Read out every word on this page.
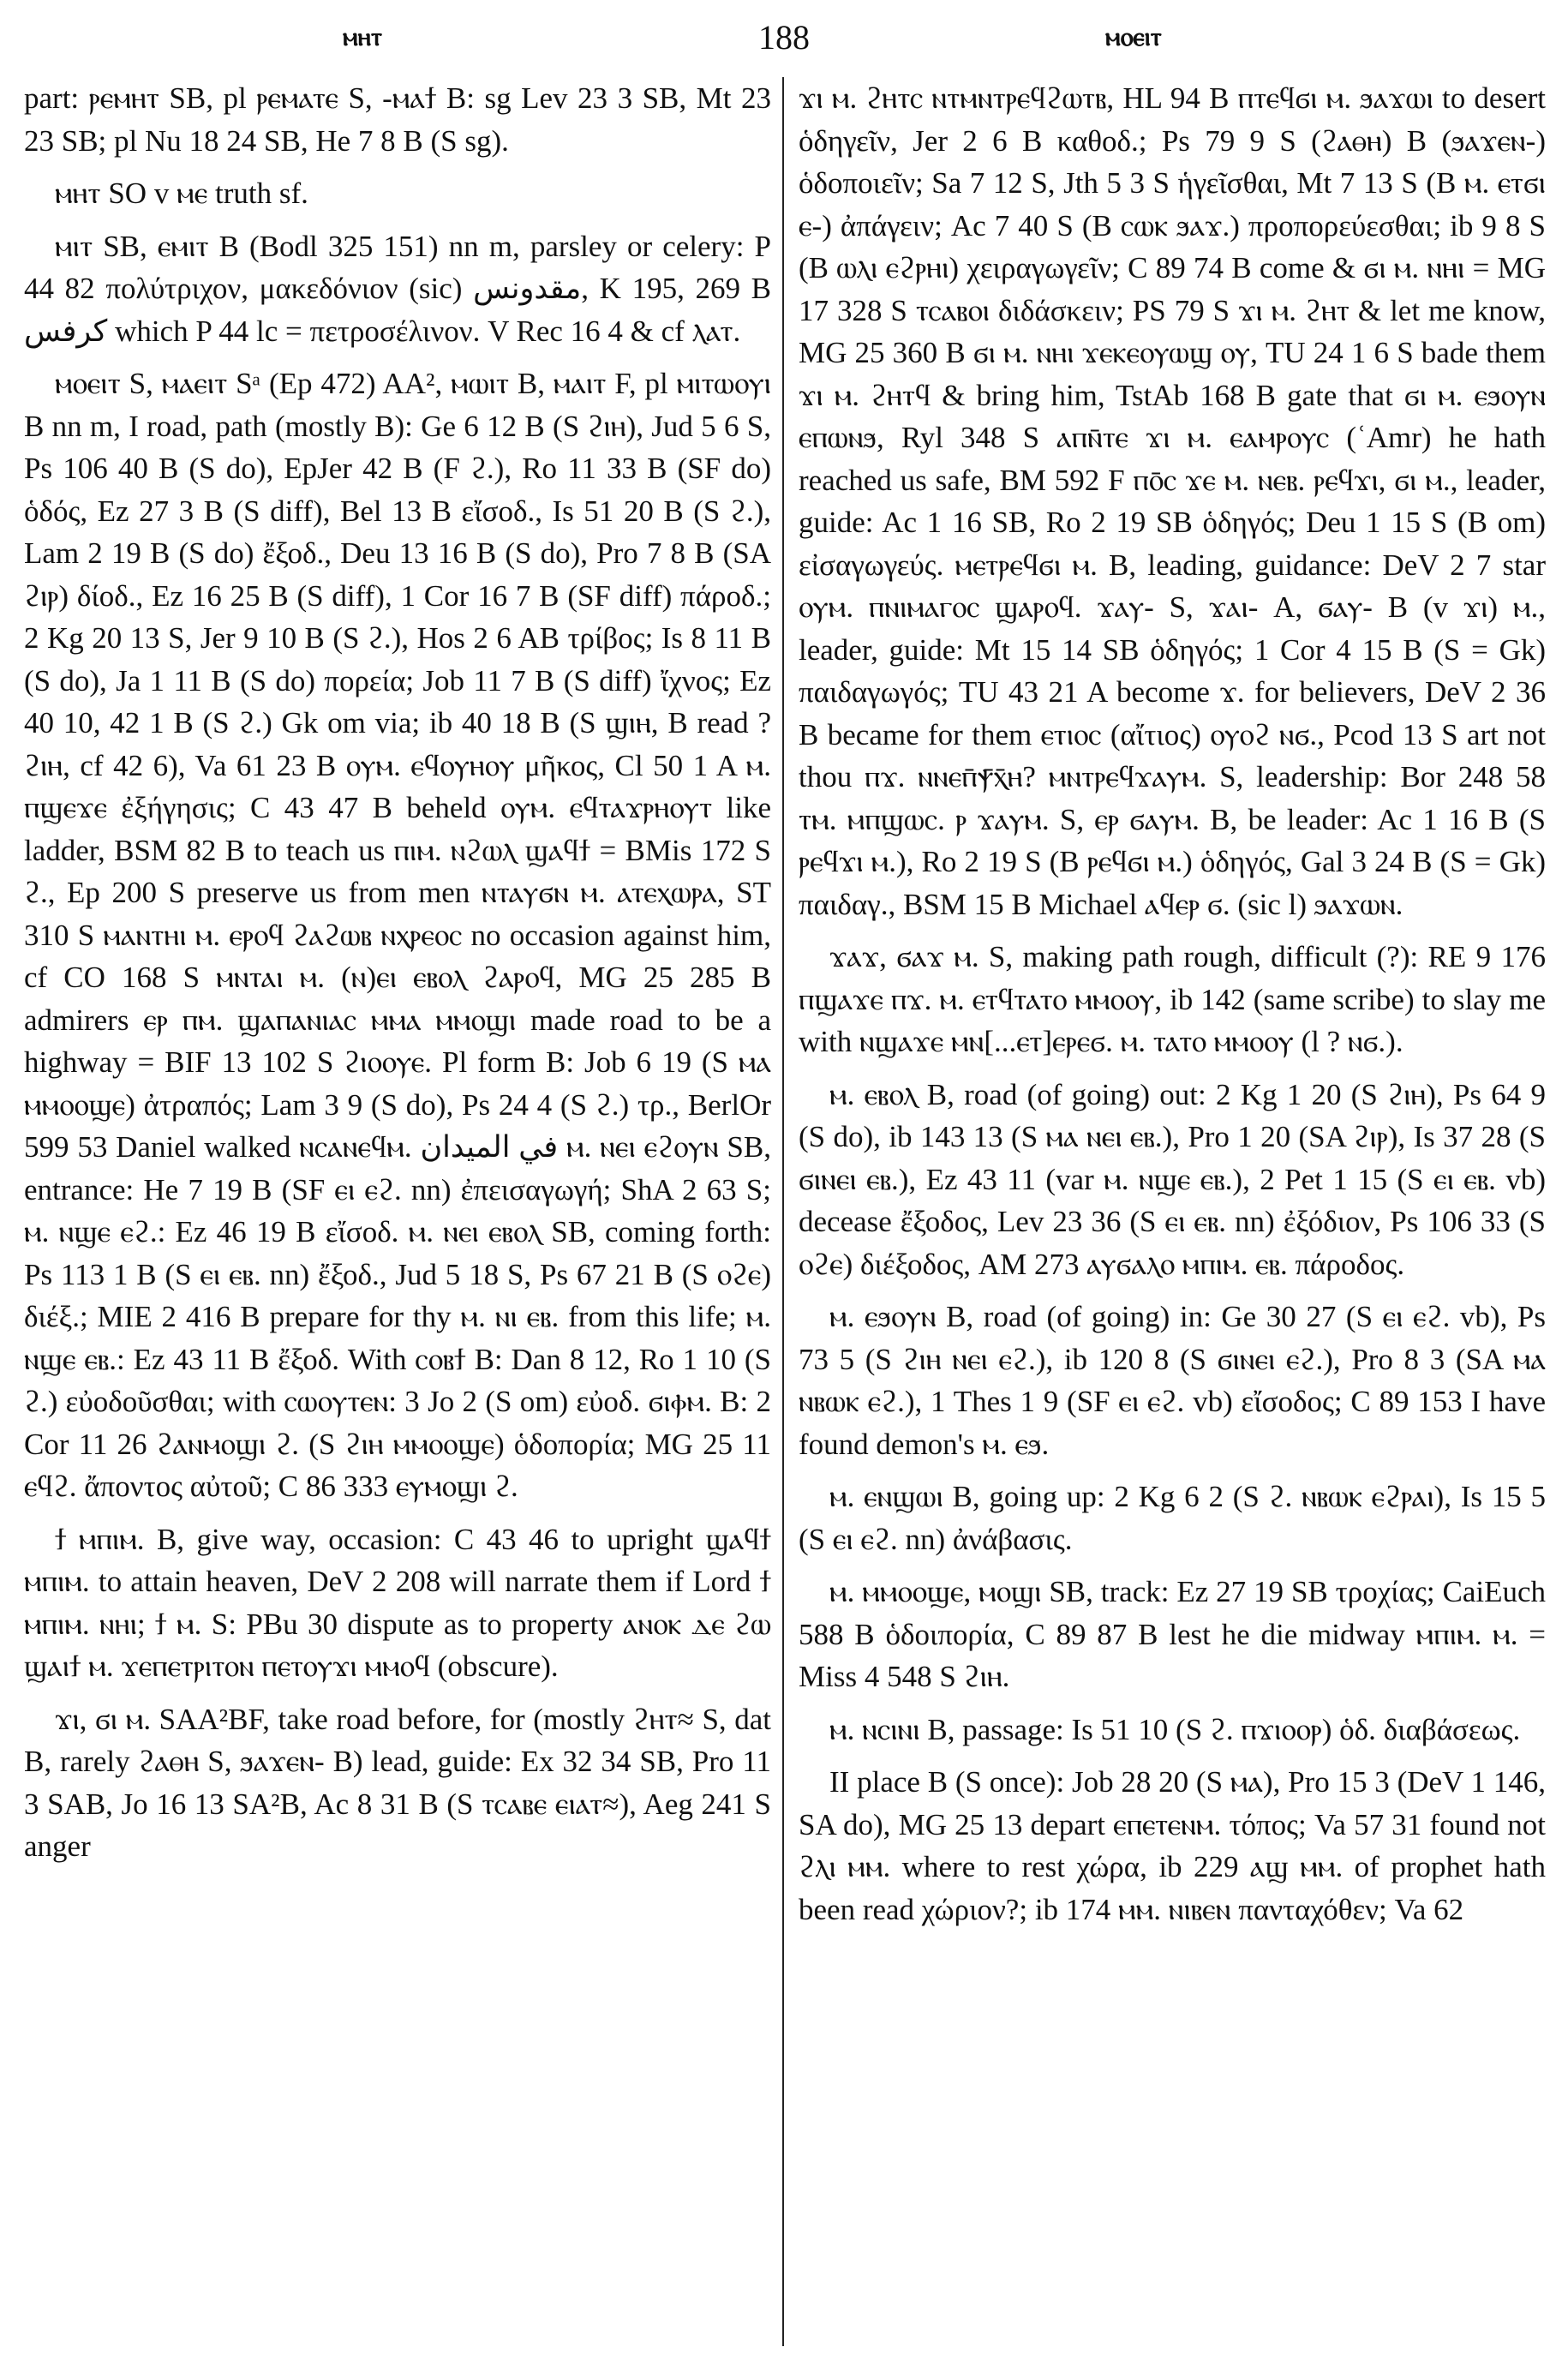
ⲙⲏⲧ	188	ⲙⲟⲉⲓⲧ

part: ⲣⲉⲙⲏⲧ SB, pl ⲣⲉⲙⲁⲧⲉ S, -ⲙⲁϯ B: sg Lev 23 3 SB, Mt 23 23 SB; pl Nu 18 24 SB, He 7 8 B (S sg).

ⲙⲏⲧ SO v ⲙⲉ truth sf.

ⲙⲓⲧ SB, ⲉⲙⲓⲧ B (Bodl 325 151) nn m, parsley or celery: P 44 82 πολύτριχον, μακεδόνιον (sic) مقدونس, K 195, 269 B كرفس which P 44 lc = πετροσέλινον. V Rec 16 4 & cf ⲗⲁⲧ.

ⲙⲟⲉⲓⲧ S, ⲙⲁⲉⲓⲧ Sᵃ (Ep 472) AA², ⲙⲱⲓⲧ B, ⲙⲁⲓⲧ F, pl ⲙⲓⲧⲱⲟⲩⲓ B nn m, I road, path (mostly B): Ge 6 12 B (S ϩⲓⲏ), Jud 5 6 S, Ps 106 40 B (S do), EpJer 42 B (F ϩ.), Ro 11 33 B (SF do) ὁδός, Ez 27 3 B (S diff), Bel 13 B εἴσοδ., Is 51 20 B (S ϩ.), Lam 2 19 B (S do) ἔξοδ., Deu 13 16 B (S do), Pro 7 8 B (SA ϩⲓⲣ) δίοδ., Ez 16 25 B (S diff), 1 Cor 16 7 B (SF diff) πάροδ.; 2 Kg 20 13 S, Jer 9 10 B (S ϩ.), Hos 2 6 AB τρίβος; Is 8 11 B (S do), Ja 1 11 B (S do) πορεία; Job 11 7 B (S diff) ἴχνος; Ez 40 10, 42 1 B (S ϩ.) Gk om via; ib 40 18 B (S ϣⲓⲏ, B read ? ϩⲓⲏ, cf 42 6), Va 61 23 B ⲟⲩⲙ. ⲉϥⲟⲩⲏⲟⲩ μῆκος, Cl 50 1 A ⲙ. ⲡϣⲉϫⲉ ἐξήγησις; C 43 47 B beheld ⲟⲩⲙ. ⲉϥⲧⲁϫⲣⲏⲟⲩⲧ like ladder, BSM 82 B to teach us ⲡⲓⲙ. ⲛϩⲱⲗ ϣⲁϥϯ = BMis 172 S ϩ., Ep 200 S preserve us from men ⲛⲧⲁⲩϭⲛ ⲙ. ⲁⲧⲉⲭⲱⲣⲁ, ST 310 S ⲙⲁⲛⲧⲏⲓ ⲙ. ⲉⲣⲟϥ ϩⲁϩⲱⲃ ⲛⲭⲣⲉⲟⲥ no occasion against him, cf CO 168 S ⲙⲛⲧⲁⲓ ⲙ. (ⲛ)ⲉⲓ ⲉⲃⲟⲗ ϩⲁⲣⲟϥ, MG 25 285 B admirers ⲉⲣ ⲡⲙ. ϣⲁⲡⲁⲛⲓⲁⲥ ⲙⲙⲁ ⲙⲙⲟϣⲓ made road to be a highway = BIF 13 102 S ϩⲓⲟⲟⲩⲉ. Pl form B: Job 6 19 (S ⲙⲁ ⲙⲙⲟⲟϣⲉ) ἀτραπός; Lam 3 9 (S do), Ps 24 4 (S ϩ.) τρ., BerlOr 599 53 Daniel walked ⲛⲥⲁⲛⲉϥⲙ. في الميدان ⲙ. ⲛⲉⲓ ⲉϩⲟⲩⲛ SB, entrance: He 7 19 B (SF ⲉⲓ ⲉϩ. nn) ἐπεισαγωγή; ShA 2 63 S; ⲙ. ⲛϣⲉ ⲉϩ.: Ez 46 19 B εἴσοδ. ⲙ. ⲛⲉⲓ ⲉⲃⲟⲗ SB, coming forth: Ps 113 1 B (S ⲉⲓ ⲉⲃ. nn) ἔξοδ., Jud 5 18 S, Ps 67 21 B (S ⲟϩⲉ) διέξ.; MIE 2 416 B prepare for thy ⲙ. ⲛⲓ ⲉⲃ. from this life; ⲙ. ⲛϣⲉ ⲉⲃ.: Ez 43 11 B ἔξοδ. With ⲥⲟⲃϯ B: Dan 8 12, Ro 1 10 (S ϩ.) εὐοδοῦσθαι; with ⲥⲱⲟⲩⲧⲉⲛ: 3 Jo 2 (S om) εὐοδ. ϭⲓⲫⲙ. B: 2 Cor 11 26 ϩⲁⲛⲙⲟϣⲓ ϩ. (S ϩⲓⲏ ⲙⲙⲟⲟϣⲉ) ὁδοπορία; MG 25 11 ⲉϥϩ. ἄποντος αὐτοῦ; C 86 333 ⲉⲩⲙⲟϣⲓ ϩ.

ϯ ⲙⲡⲓⲙ. B, give way, occasion: C 43 46 to upright ϣⲁϥϯ ⲙⲡⲓⲙ. to attain heaven, DeV 2 208 will narrate them if Lord ϯ ⲙⲡⲓⲙ. ⲛⲏⲓ; ϯ ⲙ. S: PBu 30 dispute as to property ⲁⲛⲟⲕ ⲇⲉ ϩⲱ ϣⲁⲓϯ ⲙ. ϫⲉⲡⲉⲧⲣⲓⲧⲟⲛ ⲡⲉⲧⲟⲩϫⲓ ⲙⲙⲟϥ (obscure).

ϫⲓ, ϭⲓ ⲙ. SAA²BF, take road before, for (mostly ϩⲏⲧ≈ S, dat B, rarely ϩⲁⲑⲏ S, ϧⲁϫⲉⲛ- B) lead, guide: Ex 32 34 SB, Pro 11 3 SAB, Jo 16 13 SA²B, Ac 8 31 B (S ⲧⲥⲁⲃⲉ ⲉⲓⲁⲧ≈), Aeg 241 S anger

ϫⲓ ⲙ. ϩⲏⲧⲥ ⲛⲧⲙⲛⲧⲣⲉϥϩⲱⲧⲃ, HL 94 B ⲡⲧⲉϥϭⲓ ⲙ. ϧⲁϫⲱⲓ to desert ὁδηγεῖν, Jer 2 6 B καθοδ.; Ps 79 9 S (ϩⲁⲑⲏ) B (ϧⲁϫⲉⲛ-) ὁδοποιεῖν; Sa 7 12 S, Jth 5 3 S ἡγεῖσθαι, Mt 7 13 S (B ⲙ. ⲉⲧϭⲓ ⲉ-) ἀπάγειν; Ac 7 40 S (B ⲥⲱⲕ ϧⲁϫ.) προπορεύεσθαι; ib 9 8 S (B ⲱⲗⲓ ⲉϩⲣⲏⲓ) χειραγωγεῖν; C 89 74 B come & ϭⲓ ⲙ. ⲛⲏⲓ = MG 17 328 S ⲧⲥⲁⲃⲟⲓ διδάσκειν; PS 79 S ϫⲓ ⲙ. ϩⲏⲧ & let me know, MG 25 360 B ϭⲓ ⲙ. ⲛⲏⲓ ϫⲉⲕⲉⲟⲩⲱϣ ⲟⲩ, TU 24 1 6 S bade them ϫⲓ ⲙ. ϩⲏⲧϥ & bring him, TstAb 168 B gate that ϭⲓ ⲙ. ⲉϧⲟⲩⲛ ⲉⲡⲱⲛϧ, Ryl 348 S ⲁⲡⲛ̄ⲧⲉ ϫⲓ ⲙ. ⲉⲁⲙⲣⲟⲩⲥ (ʿAmr) he hath reached us safe, BM 592 F ⲡⲟ̄ⲥ ϫⲉ ⲙ. ⲛⲉⲃ. ⲣⲉϥϫⲓ, ϭⲓ ⲙ., leader, guide: Ac 1 16 SB, Ro 2 19 SB ὁδηγός; Deu 1 15 S (B om) εἰσαγωγεύς. ⲙⲉⲧⲣⲉϥϭⲓ ⲙ. B, leading, guidance: DeV 2 7 star ⲟⲩⲙ. ⲡⲛⲓⲙⲁⲅⲟⲥ ϣⲁⲣⲟϥ. ϫⲁⲩ- S, ϫⲁⲓ- A, ϭⲁⲩ- B (v ϫⲓ) ⲙ., leader, guide: Mt 15 14 SB ὁδηγός; 1 Cor 4 15 B (S = Gk) παιδαγωγός; TU 43 21 A become ϫ. for believers, DeV 2 36 B became for them ⲉⲧⲓⲟⲥ (αἴτιος) ⲟⲩⲟϩ ⲛϭ., Pcod 13 S art not thou ⲡϫ. ⲛⲛⲉⲡ̄ⲯ̄ⲭ̄ⲏ? ⲙⲛⲧⲣⲉϥϫⲁⲩⲙ. S, leadership: Bor 248 58 ⲧⲙ. ⲙⲡϣⲱⲥ. ⲣ ϫⲁⲩⲙ. S, ⲉⲣ ϭⲁⲩⲙ. B, be leader: Ac 1 16 B (S ⲣⲉϥϫⲓ ⲙ.), Ro 2 19 S (B ⲣⲉϥϭⲓ ⲙ.) ὁδηγός, Gal 3 24 B (S = Gk) παιδαγ., BSM 15 B Michael ⲁϥⲉⲣ ϭ. (sic l) ϧⲁϫⲱⲛ.

ϫⲁϫ, ϭⲁϫ ⲙ. S, making path rough, difficult (?): RE 9 176 ⲡϣⲁϫⲉ ⲡϫ. ⲙ. ⲉⲧϥⲧⲁⲧⲟ ⲙⲙⲟⲟⲩ, ib 142 (same scribe) to slay me with ⲛϣⲁϫⲉ ⲙⲛ[...ⲉⲧ]ⲉⲣⲉϭ. ⲙ. ⲧⲁⲧⲟ ⲙⲙⲟⲟⲩ (l ? ⲛϭ.).

ⲙ. ⲉⲃⲟⲗ B, road (of going) out: 2 Kg 1 20 (S ϩⲓⲏ), Ps 64 9 (S do), ib 143 13 (S ⲙⲁ ⲛⲉⲓ ⲉⲃ.), Pro 1 20 (SA ϩⲓⲣ), Is 37 28 (S ϭⲓⲛⲉⲓ ⲉⲃ.), Ez 43 11 (var ⲙ. ⲛϣⲉ ⲉⲃ.), 2 Pet 1 15 (S ⲉⲓ ⲉⲃ. vb) decease ἔξοδος, Lev 23 36 (S ⲉⲓ ⲉⲃ. nn) ἐξόδιον, Ps 106 33 (S ⲟϩⲉ) διέξοδος, AM 273 ⲁⲩϭⲁⲗⲟ ⲙⲡⲓⲙ. ⲉⲃ. πάροδος.

ⲙ. ⲉϧⲟⲩⲛ B, road (of going) in: Ge 30 27 (S ⲉⲓ ⲉϩ. vb), Ps 73 5 (S ϩⲓⲏ ⲛⲉⲓ ⲉϩ.), ib 120 8 (S ϭⲓⲛⲉⲓ ⲉϩ.), Pro 8 3 (SA ⲙⲁ ⲛⲃⲱⲕ ⲉϩ.), 1 Thes 1 9 (SF ⲉⲓ ⲉϩ. vb) εἴσοδος; C 89 153 I have found demon's ⲙ. ⲉϧ.

ⲙ. ⲉⲛϣⲱⲓ B, going up: 2 Kg 6 2 (S ϩ. ⲛⲃⲱⲕ ⲉϩⲣⲁⲓ), Is 15 5 (S ⲉⲓ ⲉϩ. nn) ἀνάβασις.

ⲙ. ⲙⲙⲟⲟϣⲉ, ⲙⲟϣⲓ SB, track: Ez 27 19 SB τροχίας; CaiEuch 588 B ὁδοιπορία, C 89 87 B lest he die midway ⲙⲡⲓⲙ. ⲙ. = Miss 4 548 S ϩⲓⲏ.

ⲙ. ⲛⲥⲓⲛⲓ B, passage: Is 51 10 (S ϩ. ⲡϫⲓⲟⲟⲣ) ὁδ. διαβάσεως.

II place B (S once): Job 28 20 (S ⲙⲁ), Pro 15 3 (DeV 1 146, SA do), MG 25 13 depart ⲉⲡⲉⲧⲉⲛⲙ. τόπος; Va 57 31 found not ϩⲗⲓ ⲙⲙ. where to rest χώρα, ib 229 ⲁϣ ⲙⲙ. of prophet hath been read χώριον?; ib 174 ⲙⲙ. ⲛⲓⲃⲉⲛ πανταχόθεν; Va 62
